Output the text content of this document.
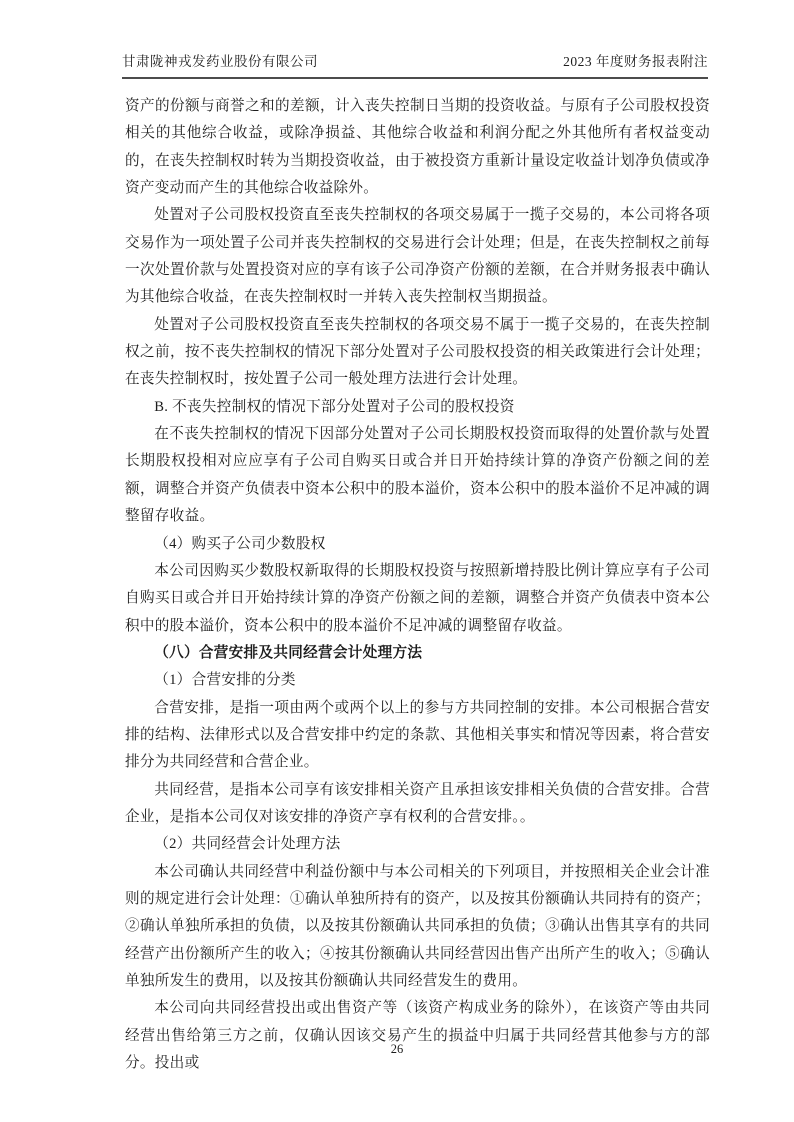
甘肃陇神戎发药业股份有限公司	2023 年度财务报表附注

资产的份额与商誉之和的差额，计入丧失控制日当期的投资收益。与原有子公司股权投资相关的其他综合收益，或除净损益、其他综合收益和利润分配之外其他所有者权益变动的，在丧失控制权时转为当期投资收益，由于被投资方重新计量设定收益计划净负债或净资产变动而产生的其他综合收益除外。

处置对子公司股权投资直至丧失控制权的各项交易属于一揽子交易的，本公司将各项交易作为一项处置子公司并丧失控制权的交易进行会计处理；但是，在丧失控制权之前每一次处置价款与处置投资对应的享有该子公司净资产份额的差额，在合并财务报表中确认为其他综合收益，在丧失控制权时一并转入丧失控制权当期损益。

处置对子公司股权投资直至丧失控制权的各项交易不属于一揽子交易的，在丧失控制权之前，按不丧失控制权的情况下部分处置对子公司股权投资的相关政策进行会计处理；在丧失控制权时，按处置子公司一般处理方法进行会计处理。

B. 不丧失控制权的情况下部分处置对子公司的股权投资

在不丧失控制权的情况下因部分处置对子公司长期股权投资而取得的处置价款与处置长期股权投相对应应享有子公司自购买日或合并日开始持续计算的净资产份额之间的差额，调整合并资产负债表中资本公积中的股本溢价，资本公积中的股本溢价不足冲减的调整留存收益。

（4）购买子公司少数股权

本公司因购买少数股权新取得的长期股权投资与按照新增持股比例计算应享有子公司自购买日或合并日开始持续计算的净资产份额之间的差额，调整合并资产负债表中资本公积中的股本溢价，资本公积中的股本溢价不足冲减的调整留存收益。

（八）合营安排及共同经营会计处理方法

（1）合营安排的分类

合营安排，是指一项由两个或两个以上的参与方共同控制的安排。本公司根据合营安排的结构、法律形式以及合营安排中约定的条款、其他相关事实和情况等因素，将合营安排分为共同经营和合营企业。

共同经营，是指本公司享有该安排相关资产且承担该安排相关负债的合营安排。合营企业，是指本公司仅对该安排的净资产享有权利的合营安排。。

（2）共同经营会计处理方法

本公司确认共同经营中利益份额中与本公司相关的下列项目，并按照相关企业会计准则的规定进行会计处理：①确认单独所持有的资产，以及按其份额确认共同持有的资产；②确认单独所承担的负债，以及按其份额确认共同承担的负债；③确认出售其享有的共同经营产出份额所产生的收入；④按其份额确认共同经营因出售产出所产生的收入；⑤确认单独所发生的费用，以及按其份额确认共同经营发生的费用。

本公司向共同经营投出或出售资产等（该资产构成业务的除外），在该资产等由共同经营出售给第三方之前，仅确认因该交易产生的损益中归属于共同经营其他参与方的部分。投出或

26
